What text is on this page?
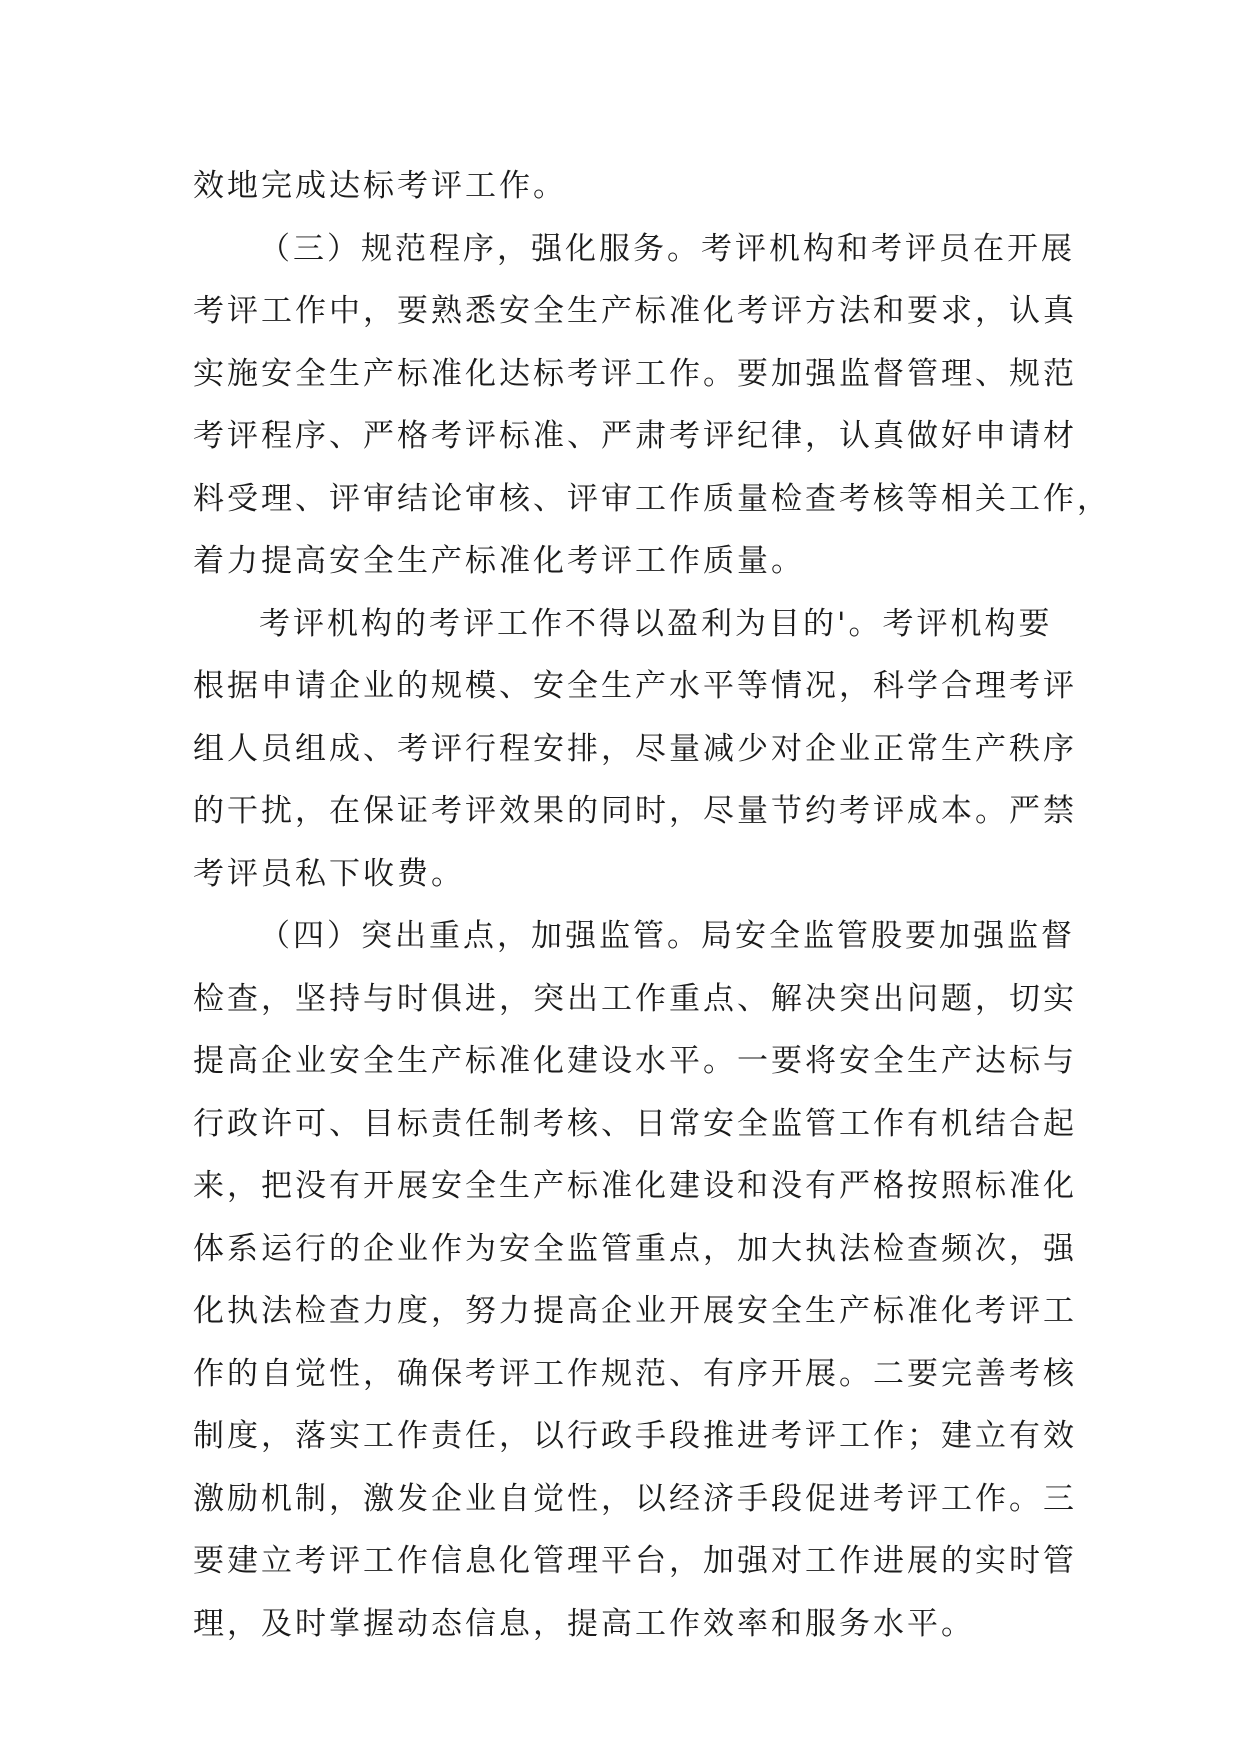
效地完成达标考评工作。
（三）规范程序，强化服务。考评机构和考评员在开展
考评工作中，要熟悉安全生产标准化考评方法和要求，认真
实施安全生产标准化达标考评工作。要加强监督管理、规范
考评程序、严格考评标准、严肃考评纪律，认真做好申请材
料受理、评审结论审核、评审工作质量检查考核等相关工作，
着力提高安全生产标准化考评工作质量。
考评机构的考评工作不得以盈利为目的'。考评机构要
根据申请企业的规模、安全生产水平等情况，科学合理考评
组人员组成、考评行程安排，尽量减少对企业正常生产秩序
的干扰，在保证考评效果的同时，尽量节约考评成本。严禁
考评员私下收费。
（四）突出重点，加强监管。局安全监管股要加强监督
检查，坚持与时俱进，突出工作重点、解决突出问题，切实
提高企业安全生产标准化建设水平。一要将安全生产达标与
行政许可、目标责任制考核、日常安全监管工作有机结合起
来，把没有开展安全生产标准化建设和没有严格按照标准化
体系运行的企业作为安全监管重点，加大执法检查频次，强
化执法检查力度，努力提高企业开展安全生产标准化考评工
作的自觉性，确保考评工作规范、有序开展。二要完善考核
制度，落实工作责任，以行政手段推进考评工作；建立有效
激励机制，激发企业自觉性，以经济手段促进考评工作。三
要建立考评工作信息化管理平台，加强对工作进展的实时管
理，及时掌握动态信息，提高工作效率和服务水平。
